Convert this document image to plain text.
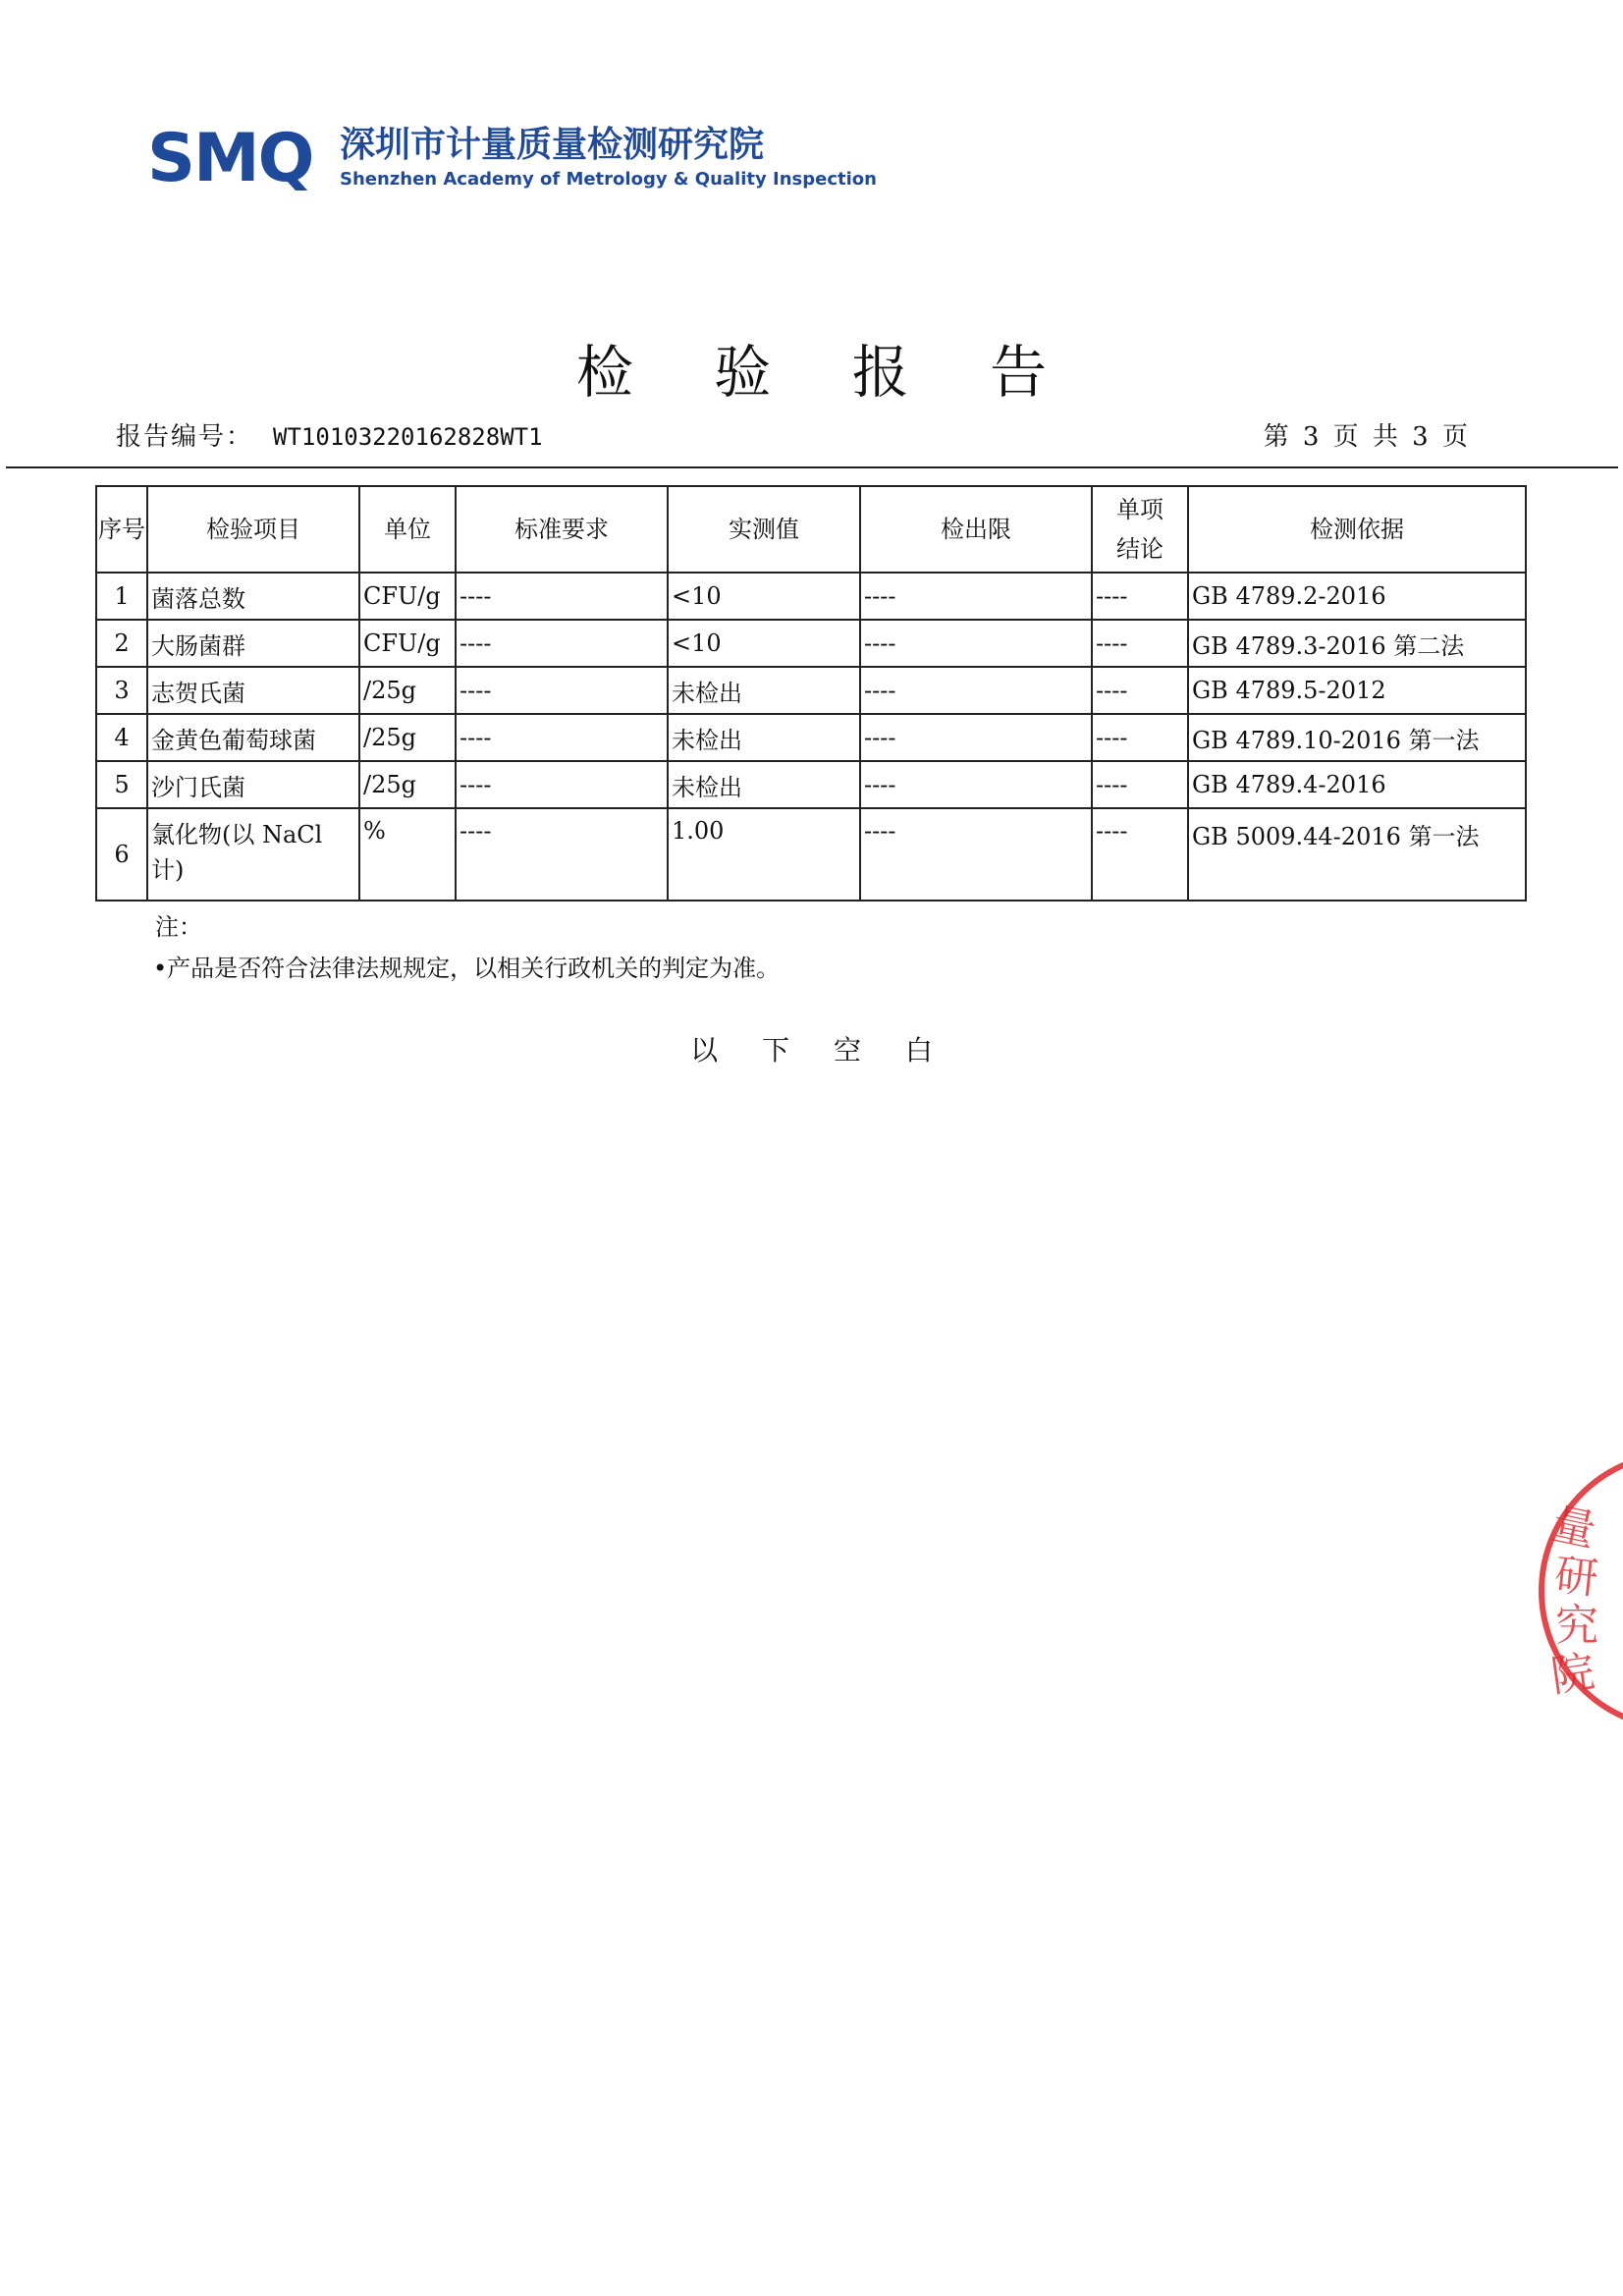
SMQ 深圳市计量质量检测研究院
Shenzhen Academy of Metrology & Quality Inspection
检 验 报 告
报告编号： WT10103220162828WT1	第 3 页 共 3 页
序号	检验项目	单位	标准要求	实测值	检出限	单项结论	检测依据
1	菌落总数	CFU/g	----	<10	----	----	GB 4789.2-2016
2	大肠菌群	CFU/g	----	<10	----	----	GB 4789.3-2016 第二法
3	志贺氏菌	/25g	----	未检出	----	----	GB 4789.5-2012
4	金黄色葡萄球菌	/25g	----	未检出	----	----	GB 4789.10-2016 第一法
5	沙门氏菌	/25g	----	未检出	----	----	GB 4789.4-2016
6	氯化物(以 NaCl 计)	%	----	1.00	----	----	GB 5009.44-2016 第一法
注：
•产品是否符合法律法规规定，以相关行政机关的判定为准。
以 下 空 白
量
研
究
院
